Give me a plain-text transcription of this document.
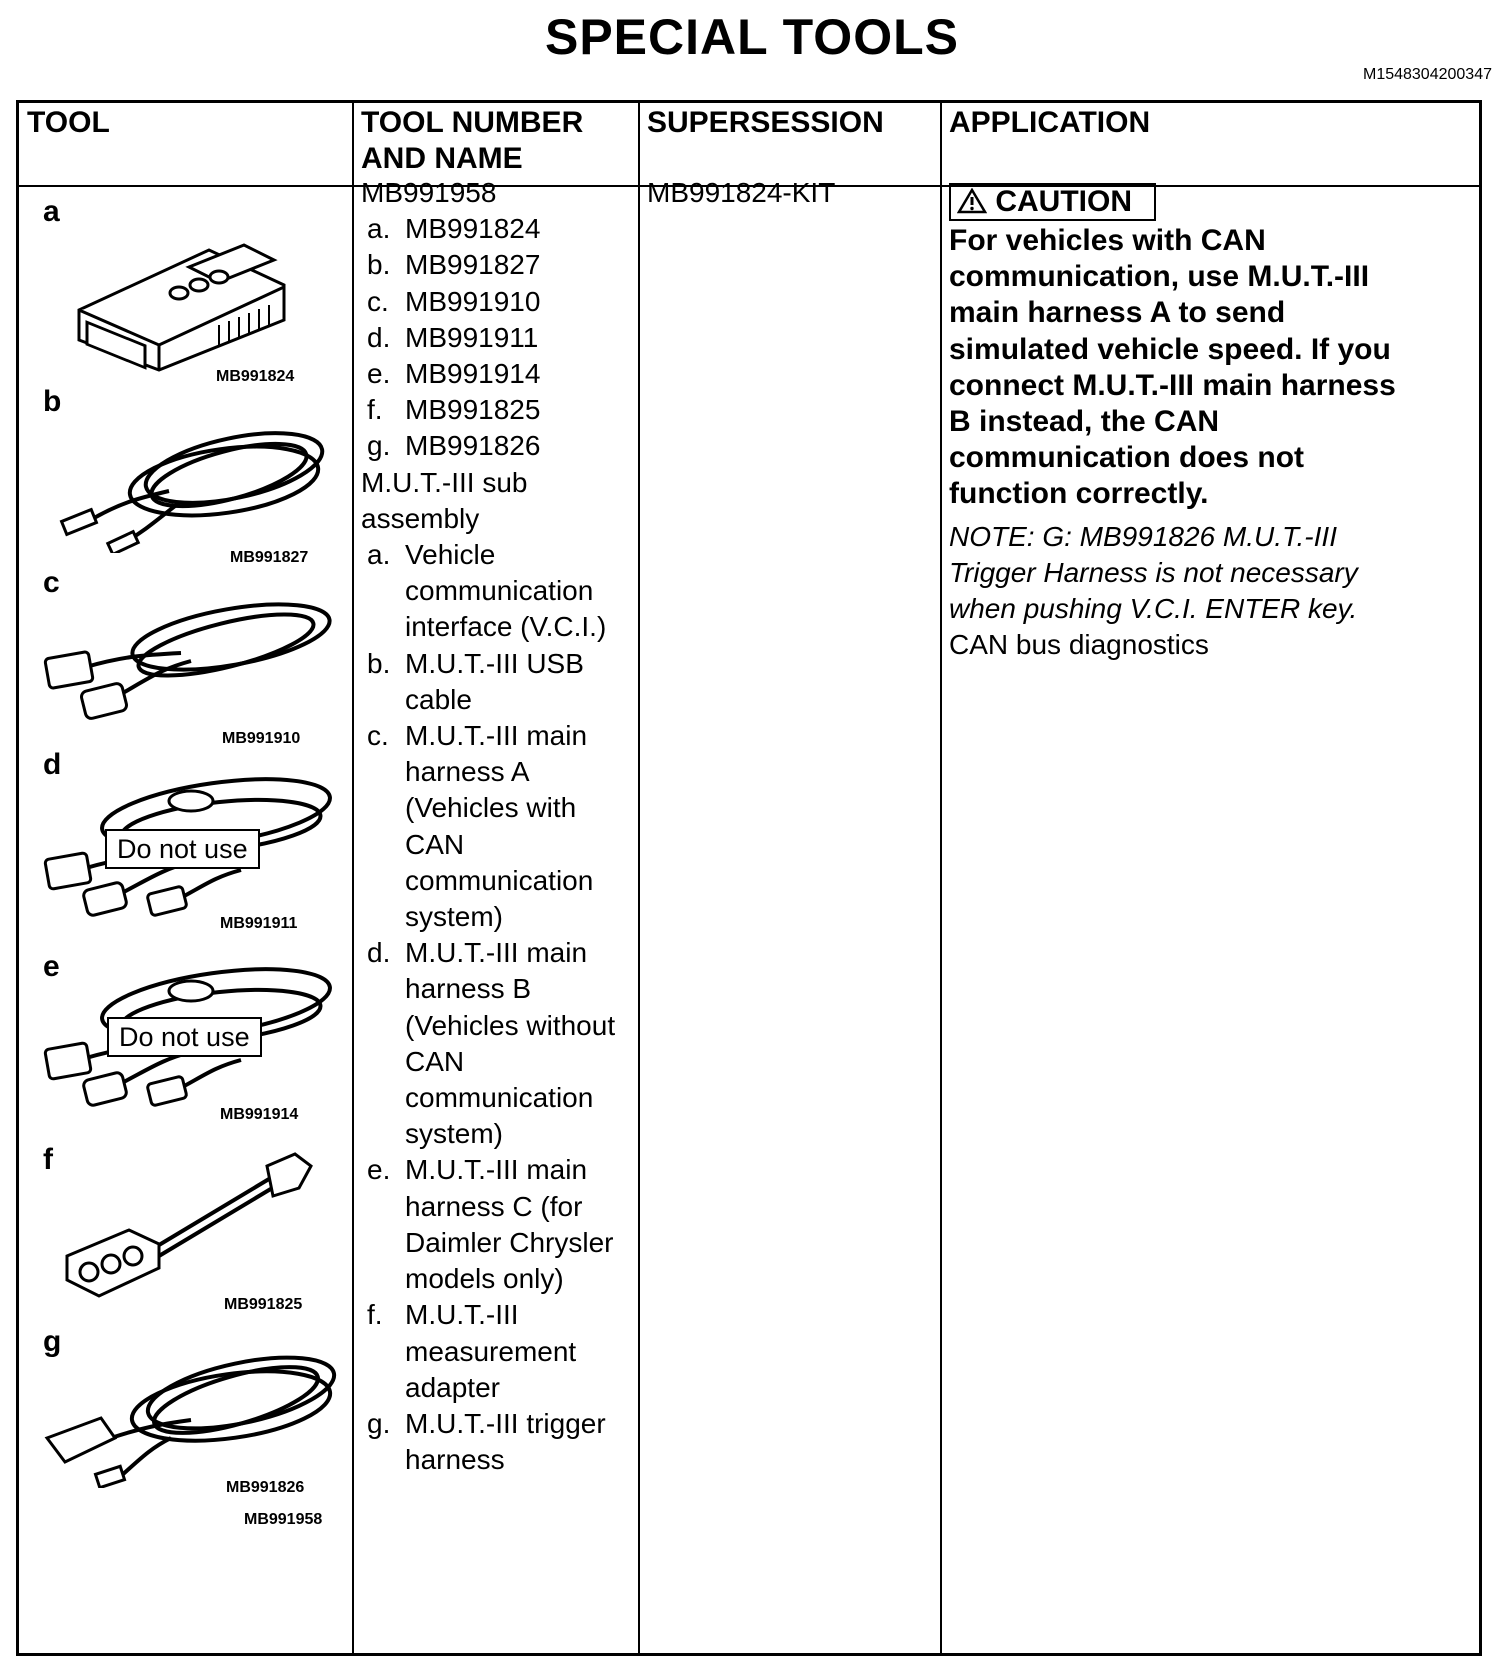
SPECIAL TOOLS
M1548304200347
TOOL	TOOL NUMBER
AND NAME
SUPERSESSION APPLICATION
a
MB991824
b
MB991827
c
MB991910
d
Do not use
MB991911
e
Do not use
MB991914
f
MB991825
g
MB991826
MB991958
MB991958
a. MB991824
b. MB991827
c. MB991910
d. MB991911
e. MB991914
f. MB991825
g. MB991826
M.U.T.-III sub
assembly
a. Vehicle
communication
interface (V.C.I.)
b. M.U.T.-III USB
cable
c. M.U.T.-III main
harness A
(Vehicles with
CAN
communication
system)
d. M.U.T.-III main
harness B
(Vehicles without
CAN
communication
system)
e. M.U.T.-III main
harness C (for
Daimler Chrysler
models only)
f. M.U.T.-III
measurement
adapter
g. M.U.T.-III trigger
harness
MB991824-KIT	CAUTION
For vehicles with CAN
communication, use M.U.T.-III
main harness A to send
simulated vehicle speed. If you
connect M.U.T.-III main harness
B instead, the CAN
communication does not
function correctly.
NOTE: G: MB991826 M.U.T.-III
Trigger Harness is not necessary
when pushing V.C.I. ENTER key.
CAN bus diagnostics
